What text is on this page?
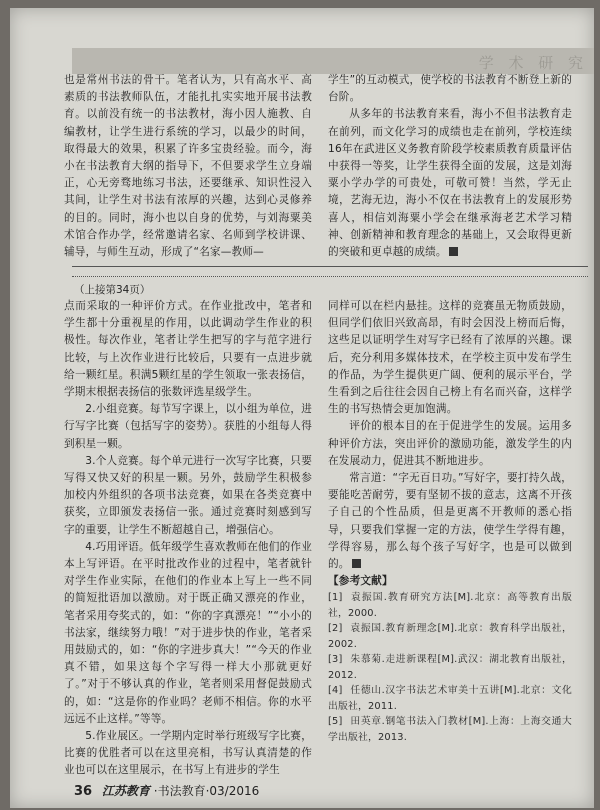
学 术 研 究

也是常州书法的骨干。笔者认为，只有高水平、高素质的书法教师队伍，才能扎扎实实地开展书法教育。以前没有统一的书法教材，海小因人施教、自编教材，让学生进行系统的学习，以最少的时间，取得最大的效果，积累了许多宝贵经验。而今，海小在书法教育大纲的指导下，不但要求学生立身端正，心无旁骛地练习书法，还要继承、知识性浸入其间，让学生对书法有浓厚的兴趣，达到心灵修养的目的。同时，海小也以自身的优势，与刘海粟美术馆合作办学，经常邀请名家、名师到学校讲课、辅导，与师生互动，形成了“名家—教师—

学生”的互动模式，使学校的书法教育不断登上新的台阶。

从多年的书法教育来看，海小不但书法教育走在前列，而文化学习的成绩也走在前列，学校连续16年在武进区义务教育阶段学校素质教育质量评估中获得一等奖，让学生获得全面的发展，这是刘海粟小学办学的可贵处，可敬可赞！当然，学无止境，艺海无边，海小不仅在书法教育上的发展形势喜人，相信刘海粟小学会在继承海老艺术学习精神、创新精神和教育理念的基础上，又会取得更新的突破和更卓越的成绩。

（上接第34页）

点而采取的一种评价方式。在作业批改中，笔者和学生都十分重视星的作用，以此调动学生作业的积极性。每次作业，笔者让学生把写的字与范字进行比较，与上次作业进行比较后，只要有一点进步就给一颗红星。积满5颗红星的学生领取一张表扬信，学期末根据表扬信的张数评选星级学生。

2.小组竞赛。每节写字课上，以小组为单位，进行写字比赛（包括写字的姿势）。获胜的小组每人得到积星一颗。

3.个人竞赛。每个单元进行一次写字比赛，只要写得又快又好的积星一颗。另外，鼓励学生积极参加校内外组织的各项书法竞赛，如果在各类竞赛中获奖，立即颁发表扬信一张。通过竞赛时刻感到写字的重要，让学生不断超越自己，增强信心。

4.巧用评语。低年级学生喜欢教师在他们的作业本上写评语。在平时批改作业的过程中，笔者就针对学生作业实际，在他们的作业本上写上一些不同的简短批语加以激励。对于既正确又漂亮的作业，笔者采用夸奖式的，如：“你的字真漂亮！”“小小的书法家，继续努力哦！”对于进步快的作业，笔者采用鼓励式的，如：“你的字进步真大！”“今天的作业真不错，如果这每个字写得一样大小那就更好了。”对于不够认真的作业，笔者则采用督促鼓励式的，如：“这是你的作业吗？老师不相信。你的水平远远不止这样。”等等。

5.作业展区。一学期内定时举行班级写字比赛，比赛的优胜者可以在这里亮相，书写认真清楚的作业也可以在这里展示，在书写上有进步的学生

同样可以在栏内悬挂。这样的竞赛虽无物质鼓励，但同学们依旧兴致高昂，有时会因没上榜而后悔，这些足以证明学生对写字已经有了浓厚的兴趣。课后，充分利用多媒体技术，在学校主页中发布学生的作品，为学生提供更广阔、便利的展示平台，学生看到之后往往会因自己榜上有名而兴奋，这样学生的书写热情会更加饱满。

评价的根本目的在于促进学生的发展。运用多种评价方法，突出评价的激励功能，激发学生的内在发展动力，促进其不断地进步。

常言道：“字无百日功。”写好字，要打持久战，要能吃苦耐劳，要有坚韧不拔的意志，这离不开孩子自己的个性品质，但是更离不开教师的悉心指导，只要我们掌握一定的方法，使学生学得有趣，学得容易，那么每个孩子写好字，也是可以做到的。

【参考文献】

[1] 袁振国.教育研究方法[M].北京：高等教育出版社，2000.

[2] 袁振国.教育新理念[M].北京：教育科学出版社，2002.

[3] 朱慕菊.走进新课程[M].武汉：湖北教育出版社，2012.

[4] 任德山.汉字书法艺术审美十五讲[M].北京：文化出版社，2011.

[5] 田英章.钢笔书法入门教材[M].上海：上海交通大学出版社，2013.

36 江苏教育 ·书法教育·03/2016
